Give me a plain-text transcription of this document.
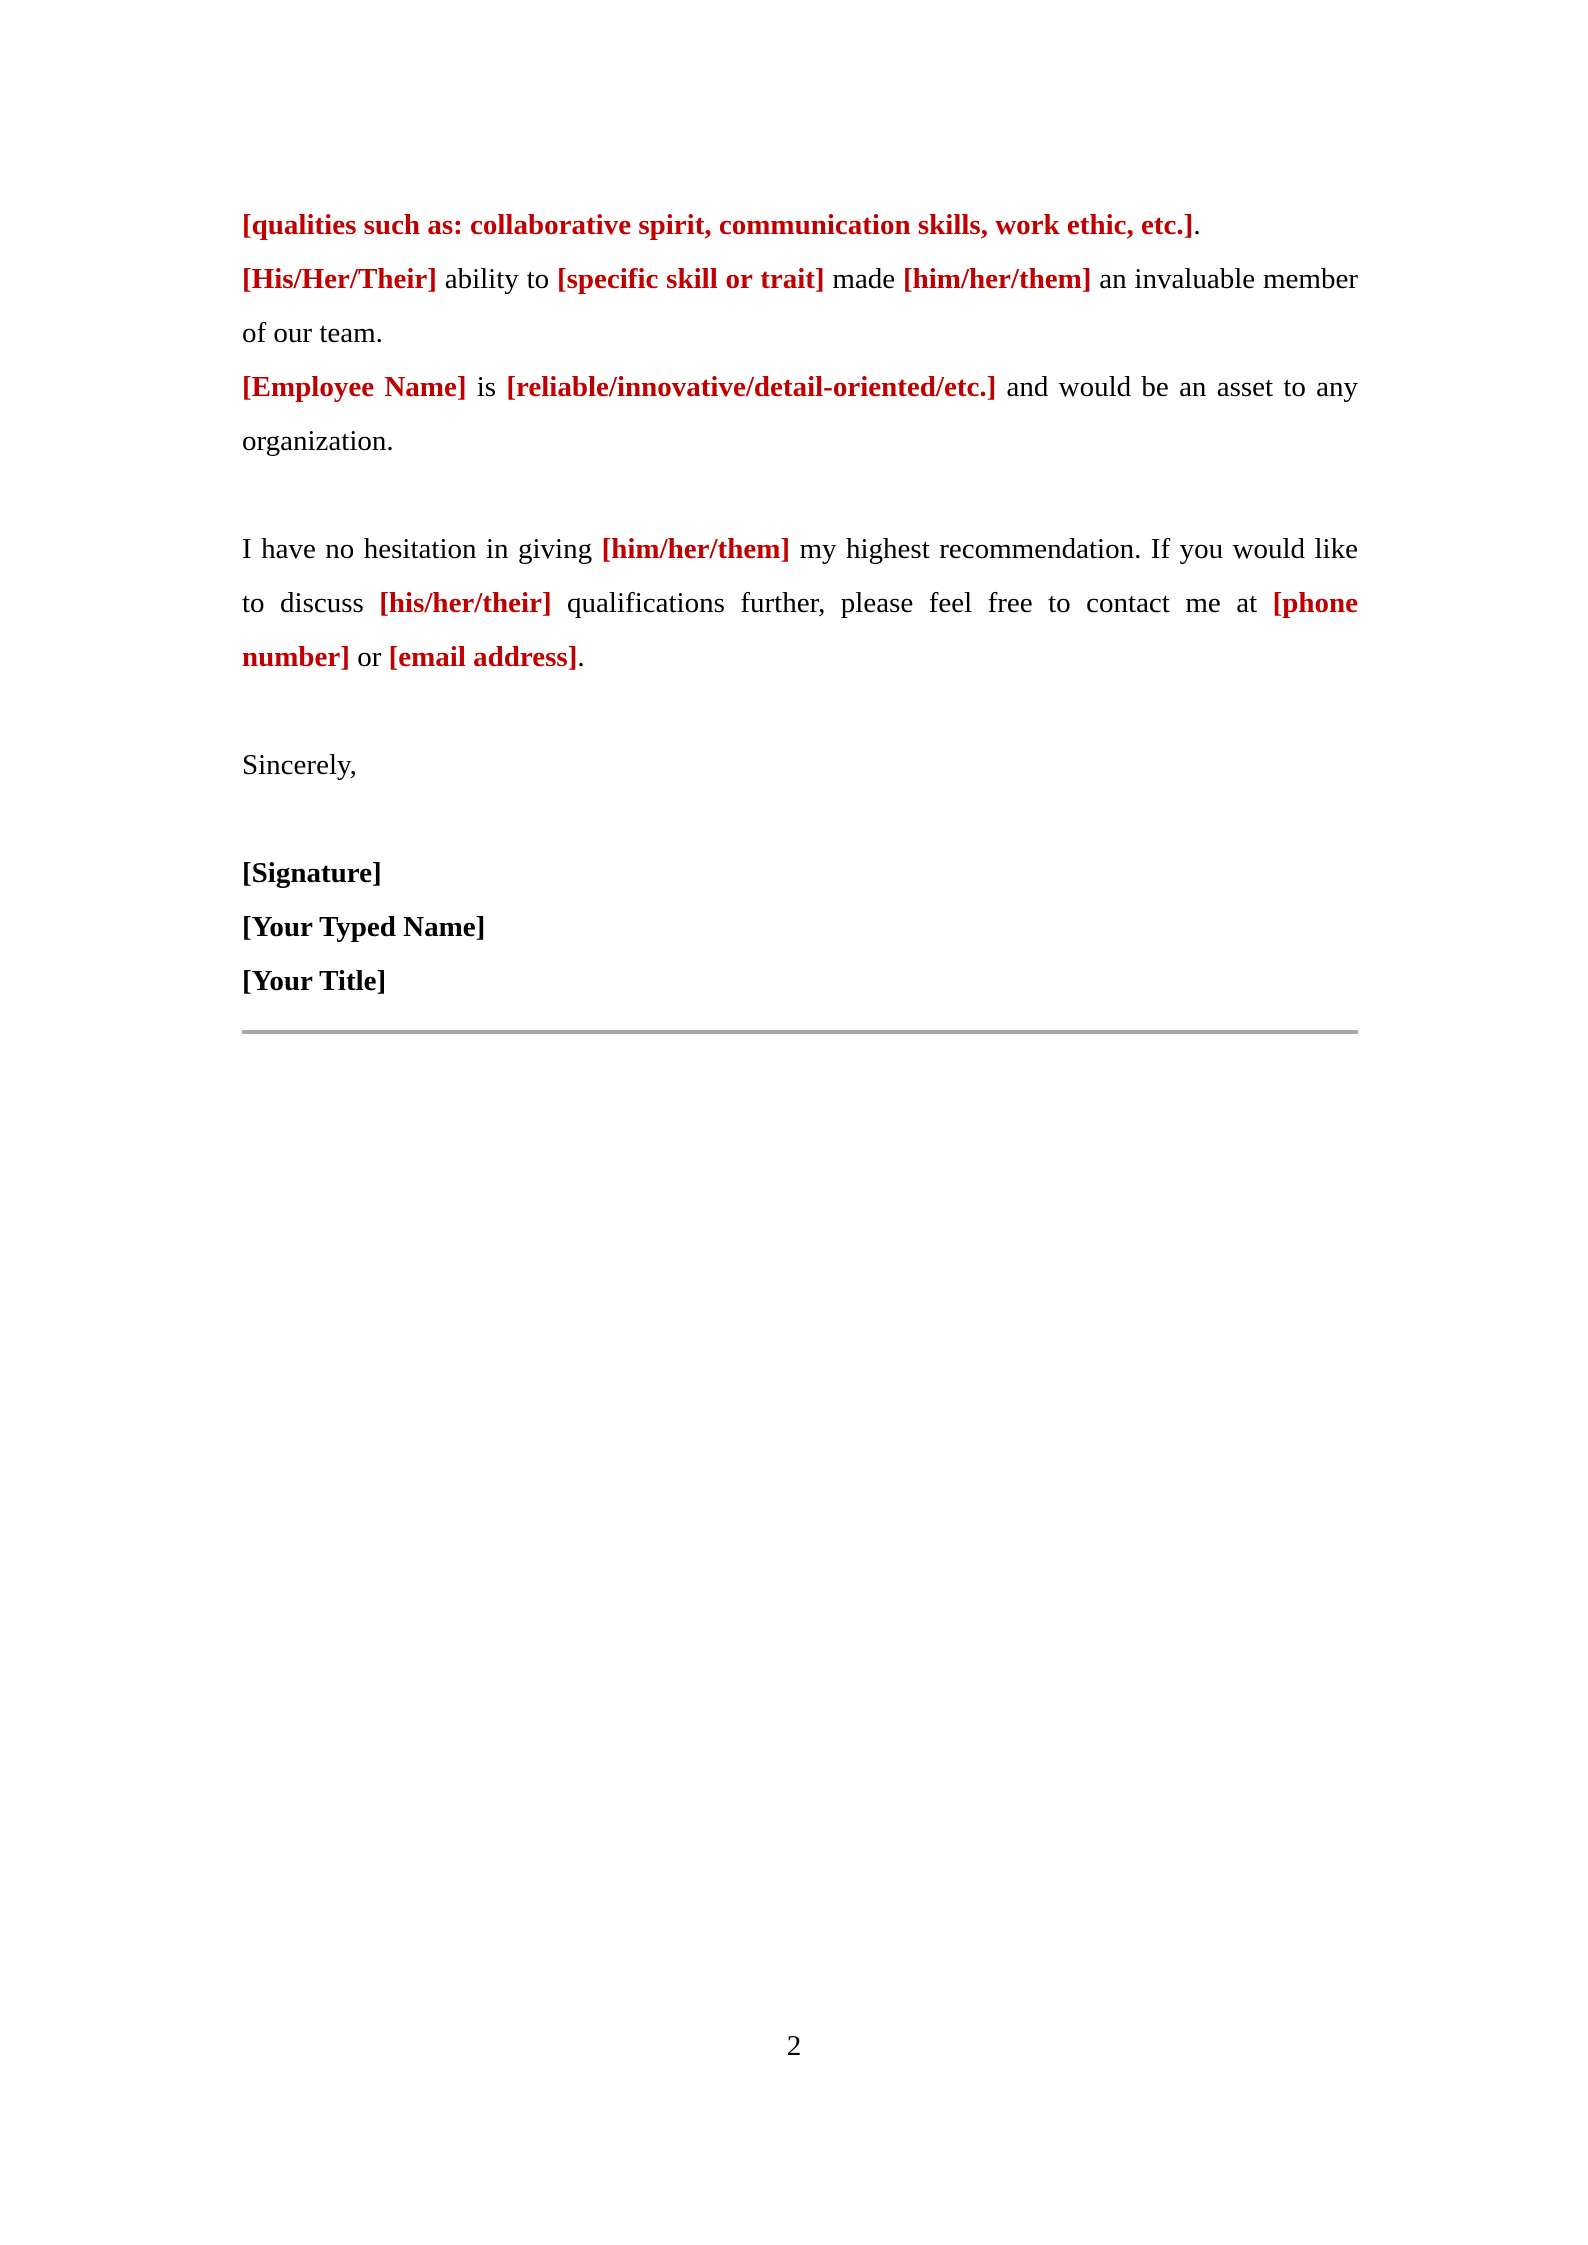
[qualities such as: collaborative spirit, communication skills, work ethic, etc.].
[His/Her/Their] ability to [specific skill or trait] made [him/her/them] an invaluable member of our team.

[Employee Name] is [reliable/innovative/detail-oriented/etc.] and would be an asset to any organization.

I have no hesitation in giving [him/her/them] my highest recommendation. If you would like to discuss [his/her/their] qualifications further, please feel free to contact me at [phone number] or [email address].

Sincerely,

[Signature]

[Your Typed Name]

[Your Title]

2
